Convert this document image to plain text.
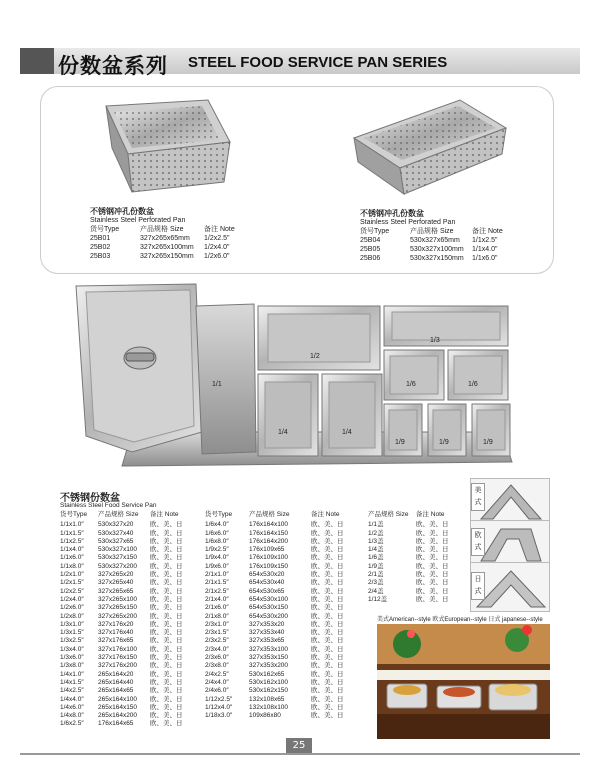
份数盆系列 STEEL FOOD SERVICE PAN SERIES
不锈钢冲孔份数盆
Stainless Steel Perforated Pan
货号Type	产品规格 Size	备注 Note
25B01	327x265x65mm 1/2x2.5"
25B02	327x265x100mm 1/2x4.0"
25B03	327x265x150mm 1/2x6.0"
不锈钢冲孔份数盆
Stainless Steel Perforated Pan
货号Type	产品规格 Size	备注 Note
25B04	530x327x65mm 1/1x2.5"
25B05	530x327x100mm 1/1x4.0"
25B06	530x327x150mm 1/1x6.0"
1/1
1/2
1/3
1/4	1/4
1/6	1/6
1/9	1/9	1/9
不锈钢份数盆
Stainless Steel Food Service Pan
货号Type	产品规格 Size	备注 Note
1/1x1.0″	530x327x20	欧、美、日
1/1x1.5″	530x327x40	欧、美、日
1/1x2.5″	530x327x65	欧、美、日
1/1x4.0″	530x327x100	欧、美、日
1/1x6.0″	530x327x150	欧、美、日
1/1x8.0″	530x327x200	欧、美、日
1/2x1.0″	327x265x20	欧、美、日
1/2x1.5″	327x265x40	欧、美、日
1/2x2.5″	327x265x65	欧、美、日
1/2x4.0″	327x265x100	欧、美、日
1/2x6.0″	327x265x150	欧、美、日
1/2x8.0″	327x265x200	欧、美、日
1/3x1.0″	327x176x20	欧、美、日
1/3x1.5″	327x176x40	欧、美、日
1/3x2.5″	327x176x65	欧、美、日
1/3x4.0″	327x176x100	欧、美、日
1/3x6.0″	327x176x150	欧、美、日
1/3x8.0″	327x176x200	欧、美、日
1/4x1.0″	265x164x20	欧、美、日
1/4x1.5″	265x164x40	欧、美、日
1/4x2.5″	265x164x65	欧、美、日
1/4x4.0″	265x164x100	欧、美、日
1/4x6.0″	265x164x150	欧、美、日
1/4x8.0″	265x164x200	欧、美、日
1/6x2.5″	176x164x65	欧、美、日
货号Type	产品规格 Size	备注 Note
1/6x4.0″	176x164x100	欧、美、日
1/6x6.0″	176x164x150	欧、美、日
1/6x8.0″	176x164x200	欧、美、日
1/9x2.5″	176x109x65	欧、美、日
1/9x4.0″	176x109x100	欧、美、日
1/9x6.0″	176x109x150	欧、美、日
2/1x1.0″	654x530x20	欧、美、日
2/1x1.5″	654x530x40	欧、美、日
2/1x2.5″	654x530x65	欧、美、日
2/1x4.0″	654x530x100	欧、美、日
2/1x6.0″	654x530x150	欧、美、日
2/1x8.0″	654x530x200	欧、美、日
2/3x1.0″	327x353x20	欧、美、日
2/3x1.5″	327x353x40	欧、美、日
2/3x2.5″	327x353x65	欧、美、日
2/3x4.0″	327x353x100	欧、美、日
2/3x6.0″	327x353x150	欧、美、日
2/3x8.0″	327x353x200	欧、美、日
2/4x2.5″	530x162x65	欧、美、日
2/4x4.0″	530x162x100	欧、美、日
2/4x6.0″	530x162x150	欧、美、日
1/12x2.5″	132x108x65	欧、美、日
1/12x4.0″	132x108x100	欧、美、日
1/18x3.0″	109x86x80	欧、美、日
产品规格 Size	备注 Note
1/1盖	欧、美、日
1/2盖	欧、美、日
1/3盖	欧、美、日
1/4盖	欧、美、日
1/6盖	欧、美、日
1/9盖	欧、美、日
2/1盖	欧、美、日
2/3盖	欧、美、日
2/4盖	欧、美、日
1/12盖	欧、美、日
美式
欧式
日式
美式American--style 欧式European--style 日式 japanese--style
25
